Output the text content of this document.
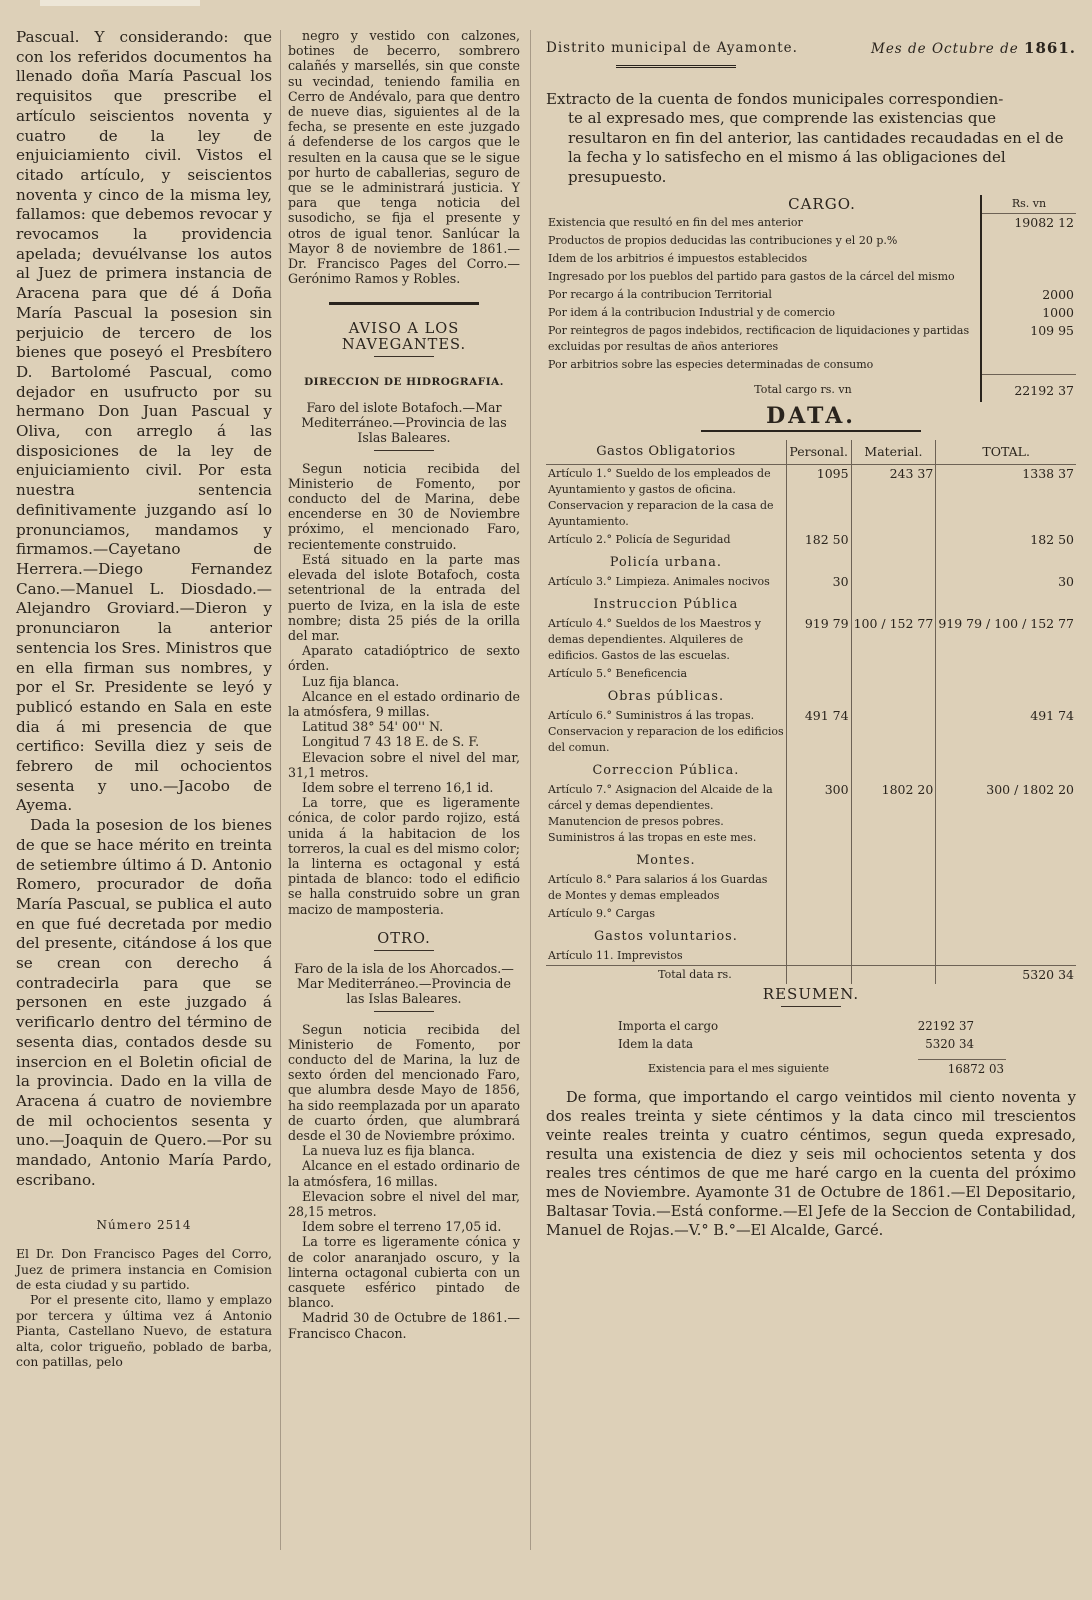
Pascual. Y considerando: que con los referidos documentos ha llenado doña María Pascual los requisitos que prescribe el artículo seiscientos noventa y cuatro de la ley de enjuiciamiento civil. Vistos el citado artículo, y seiscientos noventa y cinco de la misma ley, fallamos: que debemos revocar y revocamos la providencia apelada; devuélvanse los autos al Juez de primera instancia de Aracena para que dé á Doña María Pascual la posesion sin perjuicio de tercero de los bienes que poseyó el Presbítero D. Bartolomé Pascual, como dejador en usufructo por su hermano Don Juan Pascual y Oliva, con arreglo á las disposiciones de la ley de enjuiciamiento civil. Por esta nuestra sentencia definitivamente juzgando así lo pronunciamos, mandamos y firmamos.—Cayetano de Herrera.—Diego Fernandez Cano.—Manuel L. Diosdado.—Alejandro Groviard.—Dieron y pronunciaron la anterior sentencia los Sres. Ministros que en ella firman sus nombres, y por el Sr. Presidente se leyó y publicó estando en Sala en este dia á mi presencia de que certifico: Sevilla diez y seis de febrero de mil ochocientos sesenta y uno.—Jacobo de Ayema.

Dada la posesion de los bienes de que se hace mérito en treinta de setiembre último á D. Antonio Romero, procurador de doña María Pascual, se publica el auto en que fué decretada por medio del presente, citándose á los que se crean con derecho á contradecirla para que se personen en este juzgado á verificarlo dentro del término de sesenta dias, contados desde su insercion en el Boletin oficial de la provincia. Dado en la villa de Aracena á cuatro de noviembre de mil ochocientos sesenta y uno.—Joaquin de Quero.—Por su mandado, Antonio María Pardo, escribano.

Número 2514

El Dr. Don Francisco Pages del Corro, Juez de primera instancia en Comision de esta ciudad y su partido.

Por el presente cito, llamo y emplazo por tercera y última vez á Antonio Pianta, Castellano Nuevo, de estatura alta, color trigueño, poblado de barba, con patillas, pelo

negro y vestido con calzones, botines de becerro, sombrero calañés y marsellés, sin que conste su vecindad, teniendo familia en Cerro de Andévalo, para que dentro de nueve dias, siguientes al de la fecha, se presente en este juzgado á defenderse de los cargos que le resulten en la causa que se le sigue por hurto de caballerias, seguro de que se le administrará justicia. Y para que tenga noticia del susodicho, se fija el presente y otros de igual tenor. Sanlúcar la Mayor 8 de noviembre de 1861.—Dr. Francisco Pages del Corro.—Gerónimo Ramos y Robles.

AVISO A LOS NAVEGANTES.
DIRECCION DE HIDROGRAFIA.

Faro del islote Botafoch.—Mar Mediterráneo.—Provincia de las Islas Baleares.

Segun noticia recibida del Ministerio de Fomento, por conducto del de Marina, debe encenderse en 30 de Noviembre próximo, el mencionado Faro, recientemente construido.

Está situado en la parte mas elevada del islote Botafoch, costa setentrional de la entrada del puerto de Iviza, en la isla de este nombre; dista 25 piés de la orilla del mar.

Aparato catadióptrico de sexto órden.

Luz fija blanca.

Alcance en el estado ordinario de la atmósfera, 9 millas.

Latitud 38° 54' 00'' N.

Longitud 7 43 18 E. de S. F.

Elevacion sobre el nivel del mar, 31,1 metros.

Idem sobre el terreno 16,1 id.

La torre, que es ligeramente cónica, de color pardo rojizo, está unida á la habitacion de los torreros, la cual es del mismo color; la linterna es octagonal y está pintada de blanco: todo el edificio se halla construido sobre un gran macizo de mamposteria.

OTRO.

Faro de la isla de los Ahorcados.—Mar Mediterráneo.—Provincia de las Islas Baleares.

Segun noticia recibida del Ministerio de Fomento, por conducto del de Marina, la luz de sexto órden del mencionado Faro, que alumbra desde Mayo de 1856, ha sido reemplazada por un aparato de cuarto órden, que alumbrará desde el 30 de Noviembre próximo.

La nueva luz es fija blanca.

Alcance en el estado ordinario de la atmósfera, 16 millas.

Elevacion sobre el nivel del mar, 28,15 metros.

Idem sobre el terreno 17,05 id.

La torre es ligeramente cónica y de color anaranjado oscuro, y la linterna octagonal cubierta con un casquete esférico pintado de blanco.

Madrid 30 de Octubre de 1861.—Francisco Chacon.

Distrito municipal de Ayamonte.	Mes de Octubre de 1861.

Extracto de la cuenta de fondos municipales correspondien-

te al expresado mes, que comprende las existencias que resultaron en fin del anterior, las cantidades recaudadas en el de la fecha y lo satisfecho en el mismo á las obligaciones del presupuesto.

CARGO.	Rs. vn
Existencia que resultó en fin del mes anterior	19082 12
Productos de propios deducidas las contribuciones y el 20 p.%	
Idem de los arbitrios é impuestos establecidos	
Ingresado por los pueblos del partido para gastos de la cárcel del mismo	
Por recargo á la contribucion Territorial	2000
Por idem á la contribucion Industrial y de comercio	1000
Por reintegros de pagos indebidos, rectificacion de liquidaciones y partidas excluidas por resultas de años anteriores	109 95
Por arbitrios sobre las especies determinadas de consumo	
Total cargo rs. vn	22192 37
DATA.
Gastos Obligatorios	Personal.	Material.	TOTAL.
Artículo 1.° Sueldo de los empleados de Ayuntamiento y gastos de oficina. Conservacion y reparacion de la casa de Ayuntamiento.	1095	243 37	1338 37
Artículo 2.° Policía de Seguridad	182 50		182 50
Policía urbana.			
Artículo 3.° Limpieza. Animales nocivos	30		30
Instruccion Pública			
Artículo 4.° Sueldos de los Maestros y demas dependientes. Alquileres de edificios. Gastos de las escuelas.	919 79	100 / 152 77	919 79 / 100 / 152 77
Artículo 5.° Beneficencia			
Obras públicas.			
Artículo 6.° Suministros á las tropas. Conservacion y reparacion de los edificios del comun.	491 74		491 74
Correccion Pública.			
Artículo 7.° Asignacion del Alcaide de la cárcel y demas dependientes. Manutencion de presos pobres. Suministros á las tropas en este mes.	300	1802 20	300 / 1802 20
Montes.			
Artículo 8.° Para salarios á los Guardas de Montes y demas empleados			
Artículo 9.° Cargas			
Gastos voluntarios.			
Artículo 11. Imprevistos			
Total data rs.			5320 34
RESUMEN.
Importa el cargo	22192 37
Idem la data	5320 34
Existencia para el mes siguiente	16872 03

De forma, que importando el cargo veintidos mil ciento noventa y dos reales treinta y siete céntimos y la data cinco mil trescientos veinte reales treinta y cuatro céntimos, segun queda expresado, resulta una existencia de diez y seis mil ochocientos setenta y dos reales tres céntimos de que me haré cargo en la cuenta del próximo mes de Noviembre. Ayamonte 31 de Octubre de 1861.—El Depositario, Baltasar Tovia.—Está conforme.—El Jefe de la Seccion de Contabilidad, Manuel de Rojas.—V.° B.°—El Alcalde, Garcé.
